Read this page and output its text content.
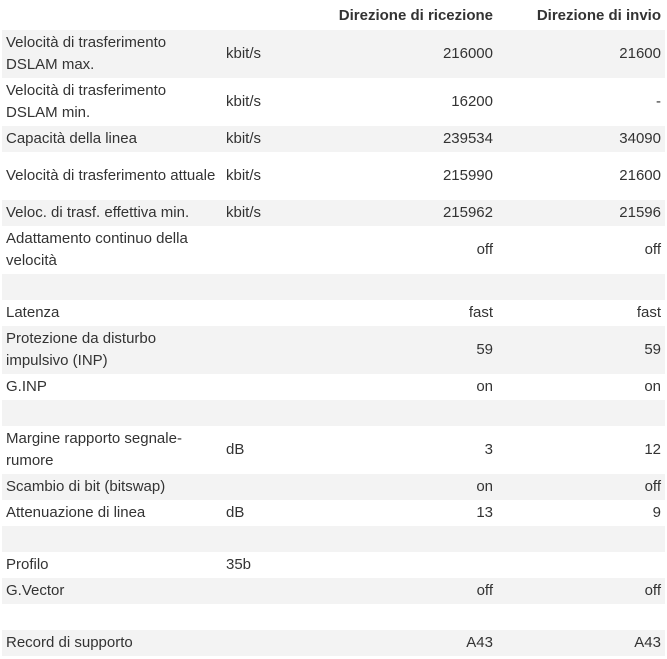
		Direzione di ricezione	Direzione di invio
Velocità di trasferimento DSLAM max.	kbit/s	216000	21600
Velocità di trasferimento DSLAM min.	kbit/s	16200	-
Capacità della linea	kbit/s	239534	34090
Velocità di trasferimento attuale	kbit/s	215990	21600
Veloc. di trasf. effettiva min.	kbit/s	215962	21596
Adattamento continuo della velocità		off	off

Latenza		fast	fast
Protezione da disturbo impulsivo (INP)		59	59
G.INP		on	on

Margine rapporto segnale-rumore	dB	3	12
Scambio di bit (bitswap)		on	off
Attenuazione di linea	dB	13	9

Profilo	35b		
G.Vector		off	off

Record di supporto		A43	A43
